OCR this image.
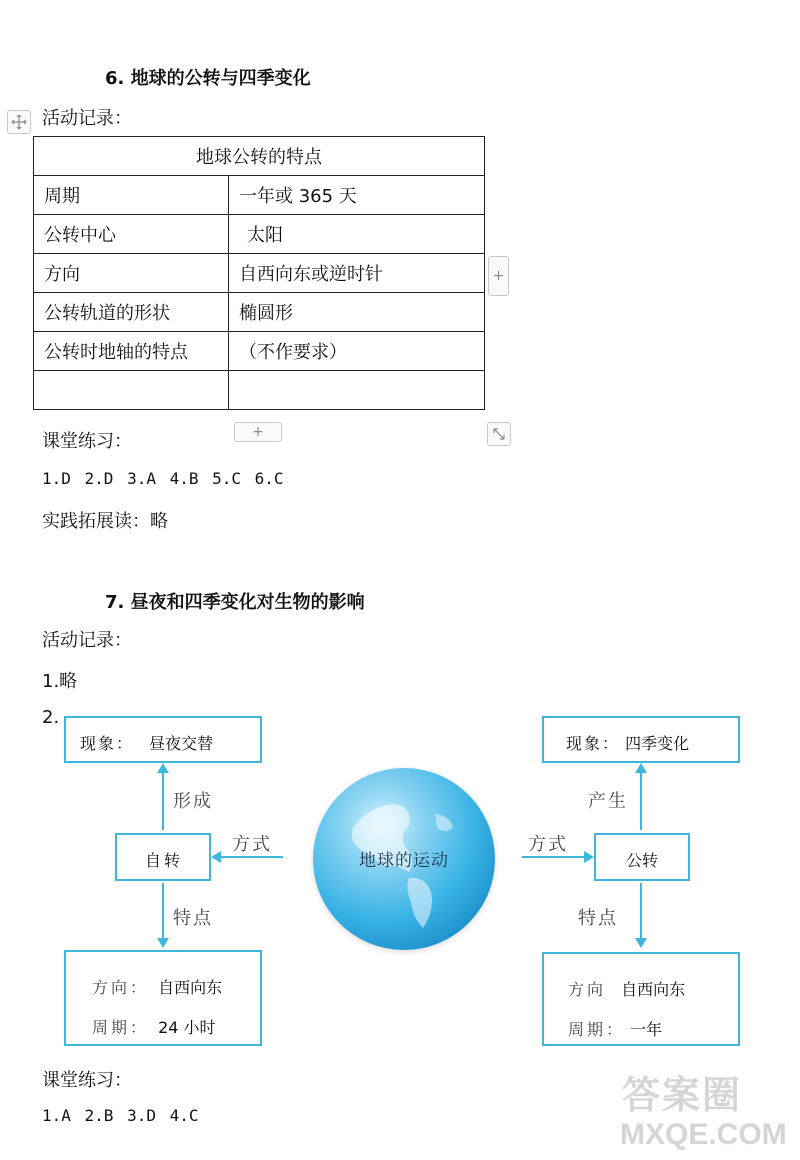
6. 地球的公转与四季变化
活动记录：
地球公转的特点	
周期	一年或 365 天
公转中心	太阳
方向	自西向东或逆时针
公转轨道的形状	椭圆形
公转时地轴的特点	（不作要求）

+
+
课堂练习：
1.D 2.D 3.A 4.B 5.C 6.C
实践拓展读：略
7. 昼夜和四季变化对生物的影响
活动记录：
1.略
2.
现象： 昼夜交替
形成
自转
方式
特点
方向： 自西向东
周期： 24 小时
地球的运动
现象： 四季变化
产生
公转
方式
特点
方向 自西向东
周期： 一年
课堂练习：
1.A 2.B 3.D 4.C	答案圈
MXQE.COM
